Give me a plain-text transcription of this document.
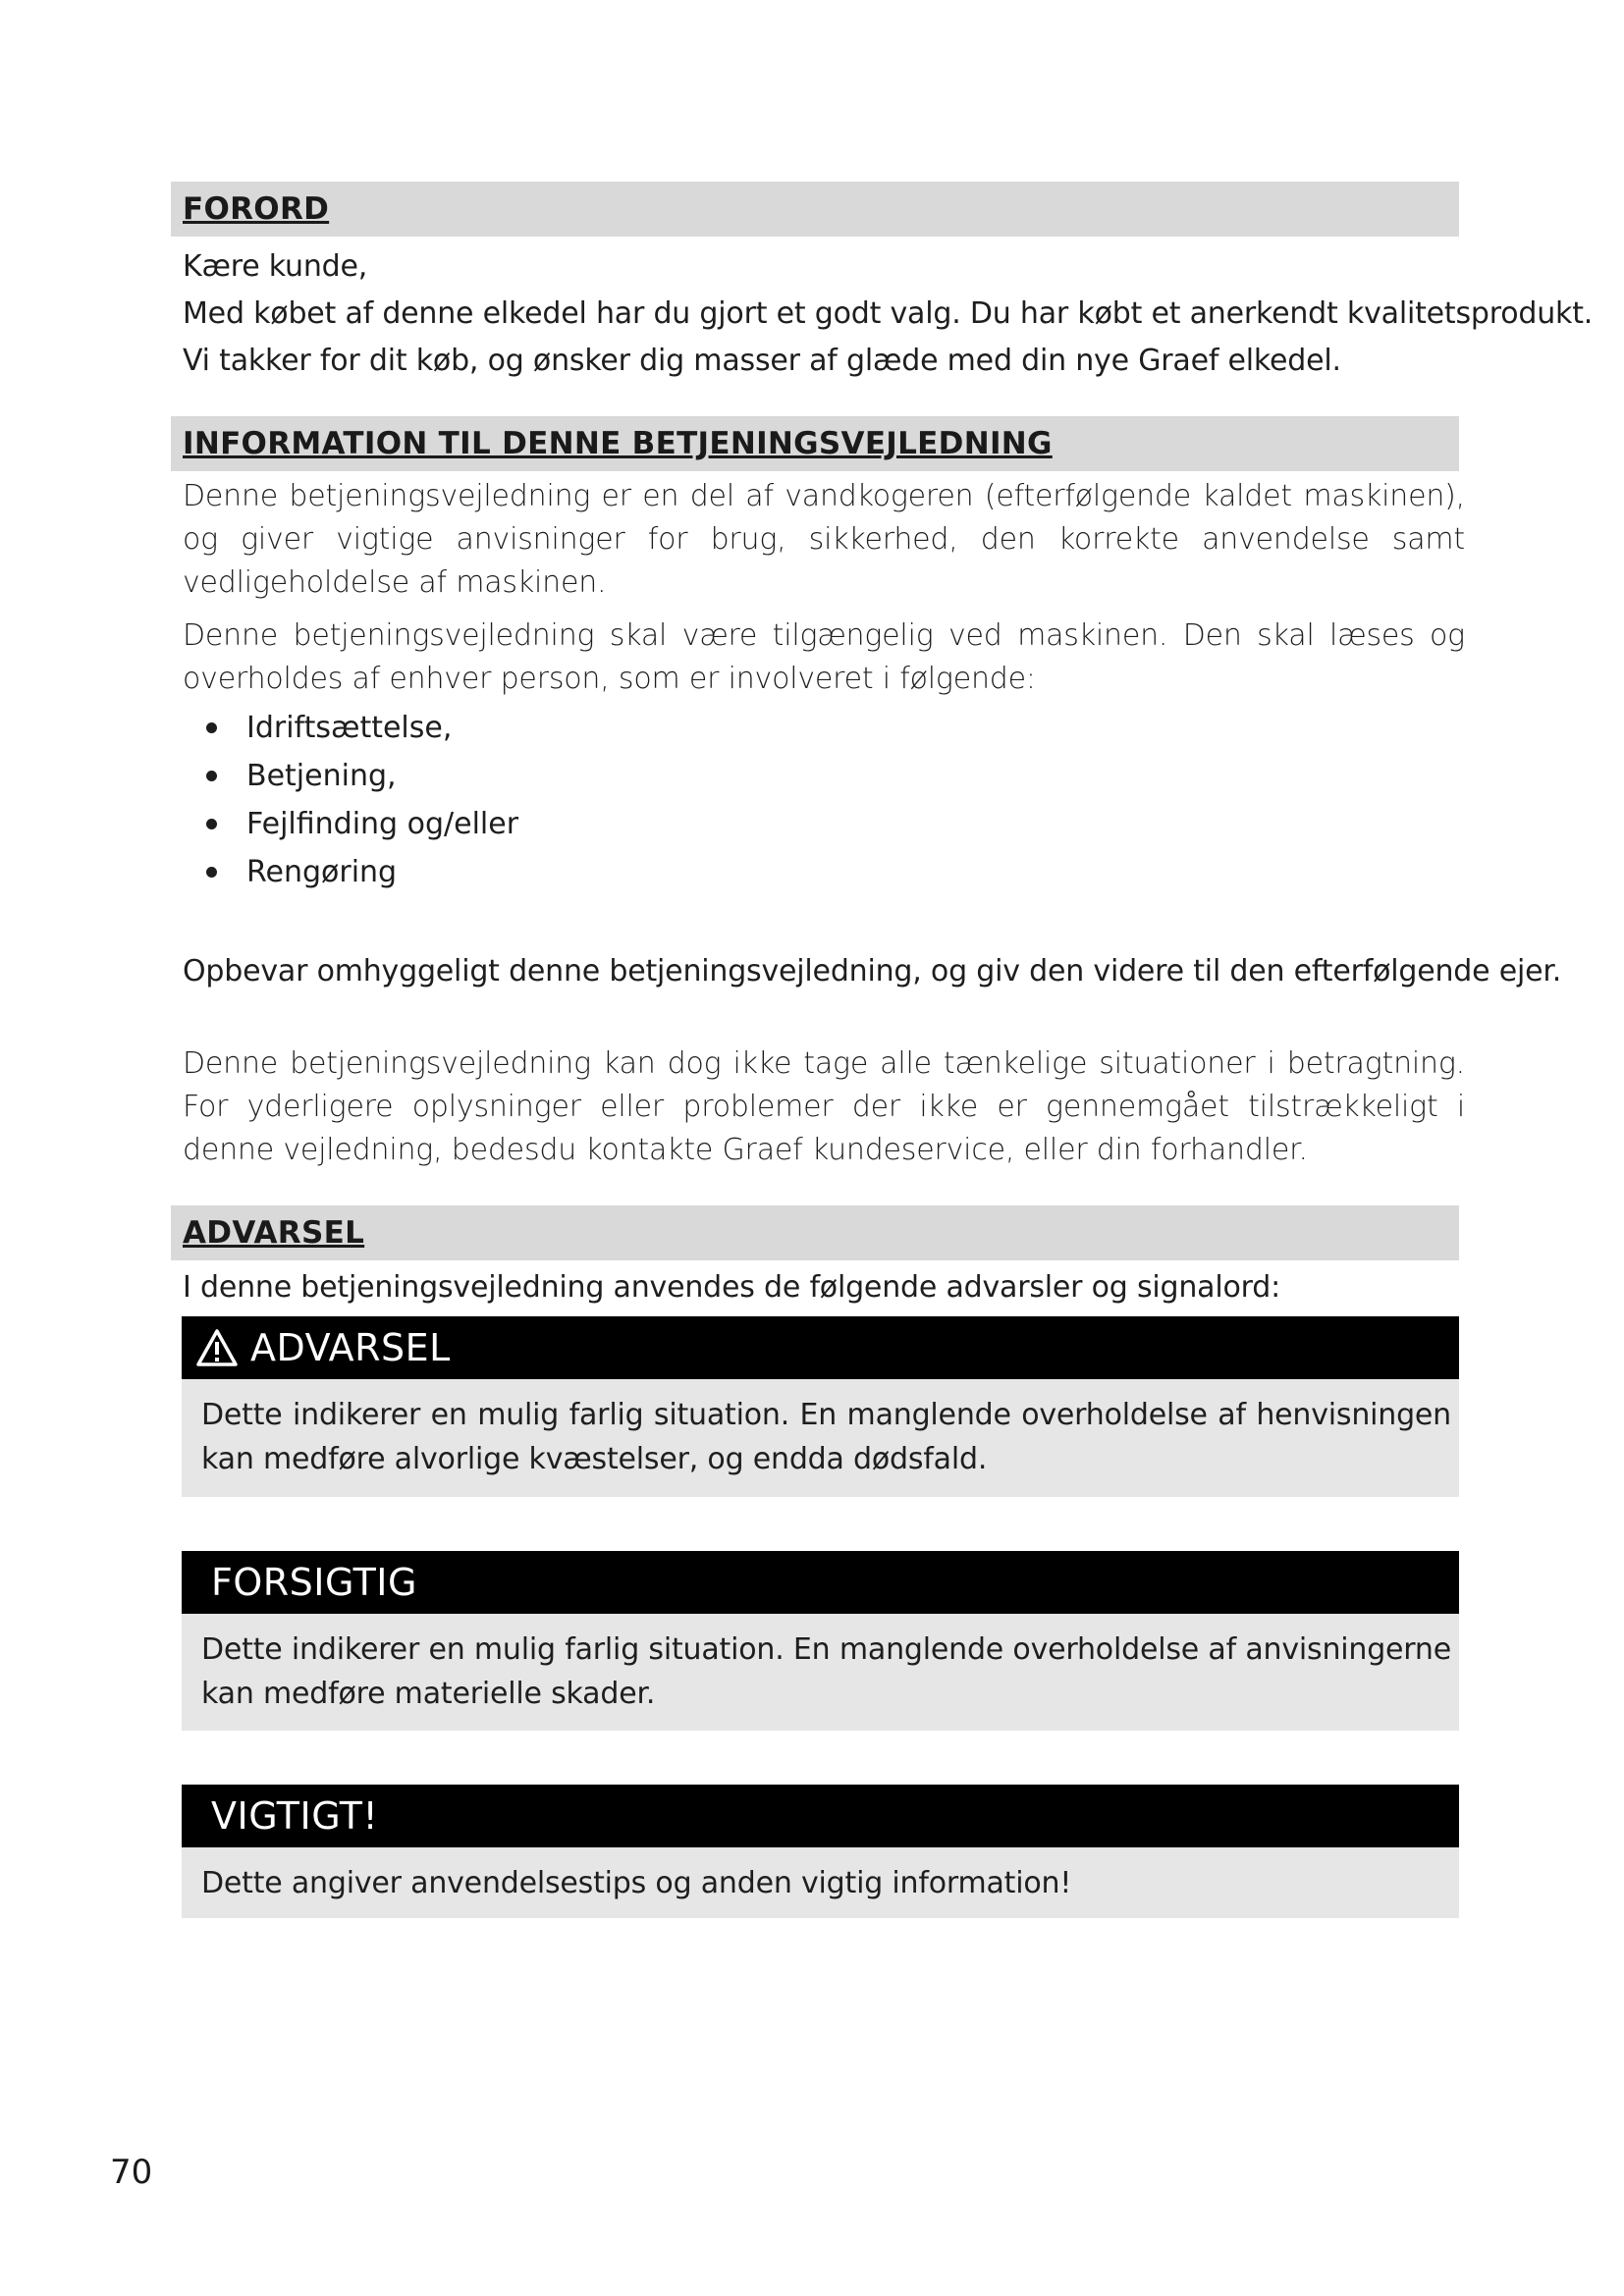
FORORD
Kære kunde,
Med købet af denne elkedel har du gjort et godt valg. Du har købt et anerkendt kvalitetsprodukt.
Vi takker for dit køb, og ønsker dig masser af glæde med din nye Graef elkedel.
INFORMATION TIL DENNE BETJENINGSVEJLEDNING
Denne betjeningsvejledning er en del af vandkogeren (efterfølgende kaldet maskinen), og giver vigtige anvisninger for brug, sikkerhed, den korrekte anvendelse samt vedligeholdelse af maskinen.
Denne betjeningsvejledning skal være tilgængelig ved maskinen. Den skal læses og overholdes af enhver person, som er involveret i følgende:
Idriftsættelse,
Betjening,
Fejlfinding og/eller
Rengøring
Opbevar omhyggeligt denne betjeningsvejledning, og giv den videre til den efterfølgende ejer.
Denne betjeningsvejledning kan dog ikke tage alle tænkelige situationer i betragtning. For yderligere oplysninger eller problemer der ikke er gennemgået tilstrækkeligt i denne vejledning, bedesdu kontakte Graef kundeservice, eller din forhandler.
ADVARSEL
I denne betjeningsvejledning anvendes de følgende advarsler og signalord:
ADVARSEL
Dette indikerer en mulig farlig situation. En manglende overholdelse af henvisningen kan medføre alvorlige kvæstelser, og endda dødsfald.
FORSIGTIG
Dette indikerer en mulig farlig situation. En manglende overholdelse af anvisningerne kan medføre materielle skader.
VIGTIGT!
Dette angiver anvendelsestips og anden vigtig information!
70
